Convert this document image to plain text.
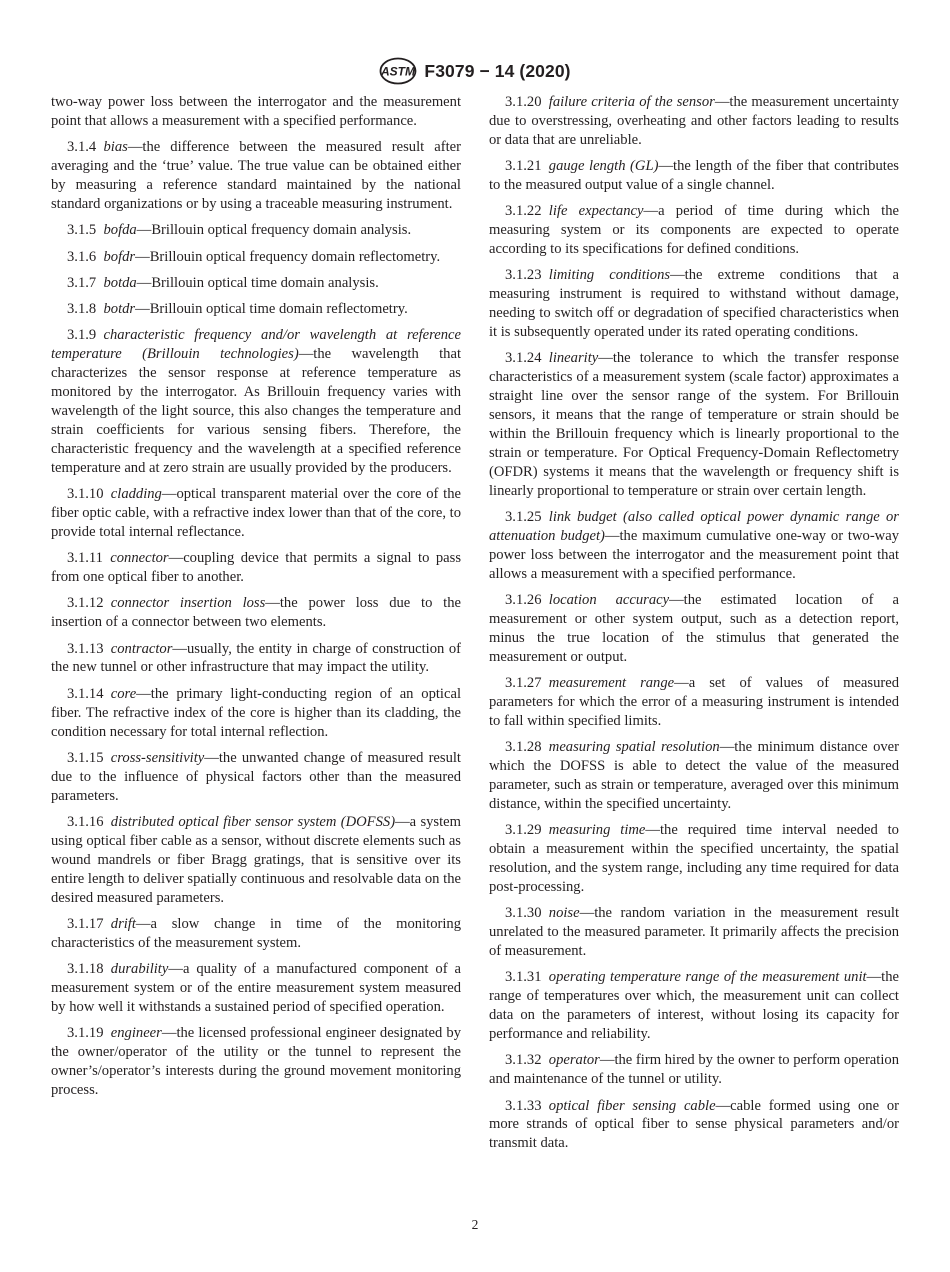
ASTM F3079 − 14 (2020)

two-way power loss between the interrogator and the measurement point that allows a measurement with a specified performance.

3.1.4  bias—the difference between the measured result after averaging and the ‘true’ value. The true value can be obtained either by measuring a reference standard maintained by the national standard organizations or by using a traceable measuring instrument.

3.1.5  bofda—Brillouin optical frequency domain analysis.

3.1.6  bofdr—Brillouin optical frequency domain reflectometry.

3.1.7  botda—Brillouin optical time domain analysis.

3.1.8  botdr—Brillouin optical time domain reflectometry.

3.1.9  characteristic frequency and/or wavelength at reference temperature (Brillouin technologies)—the wavelength that characterizes the sensor response at reference temperature as monitored by the interrogator. As Brillouin frequency varies with wavelength of the light source, this also changes the temperature and strain coefficients for various sensing fibers. Therefore, the characteristic frequency and the wavelength at a specified reference temperature and at zero strain are usually provided by the producers.

3.1.10  cladding—optical transparent material over the core of the fiber optic cable, with a refractive index lower than that of the core, to provide total internal reflectance.

3.1.11  connector—coupling device that permits a signal to pass from one optical fiber to another.

3.1.12  connector insertion loss—the power loss due to the insertion of a connector between two elements.

3.1.13  contractor—usually, the entity in charge of construction of the new tunnel or other infrastructure that may impact the utility.

3.1.14  core—the primary light-conducting region of an optical fiber. The refractive index of the core is higher than its cladding, the condition necessary for total internal reflection.

3.1.15  cross-sensitivity—the unwanted change of measured result due to the influence of physical factors other than the measured parameters.

3.1.16  distributed optical fiber sensor system (DOFSS)—a system using optical fiber cable as a sensor, without discrete elements such as wound mandrels or fiber Bragg gratings, that is sensitive over its entire length to deliver spatially continuous and resolvable data on the desired measured parameters.

3.1.17  drift—a slow change in time of the monitoring characteristics of the measurement system.

3.1.18  durability—a quality of a manufactured component of a measurement system or of the entire measurement system measured by how well it withstands a sustained period of specified operation.

3.1.19  engineer—the licensed professional engineer designated by the owner/operator of the utility or the tunnel to represent the owner’s/operator’s interests during the ground movement monitoring process.

3.1.20  failure criteria of the sensor—the measurement uncertainty due to overstressing, overheating and other factors leading to results or data that are unreliable.

3.1.21  gauge length (GL)—the length of the fiber that contributes to the measured output value of a single channel.

3.1.22  life expectancy—a period of time during which the measuring system or its components are expected to operate according to its specifications for defined conditions.

3.1.23  limiting conditions—the extreme conditions that a measuring instrument is required to withstand without damage, needing to switch off or degradation of specified characteristics when it is subsequently operated under its rated operating conditions.

3.1.24  linearity—the tolerance to which the transfer response characteristics of a measurement system (scale factor) approximates a straight line over the sensor range of the system. For Brillouin sensors, it means that the range of temperature or strain should be within the Brillouin frequency which is linearly proportional to the strain or temperature. For Optical Frequency-Domain Reflectometry (OFDR) systems it means that the wavelength or frequency shift is linearly proportional to temperature or strain over certain length.

3.1.25  link budget (also called optical power dynamic range or attenuation budget)—the maximum cumulative one-way or two-way power loss between the interrogator and the measurement point that allows a measurement with a specified performance.

3.1.26  location accuracy—the estimated location of a measurement or other system output, such as a detection report, minus the true location of the stimulus that generated the measurement or output.

3.1.27  measurement range—a set of values of measured parameters for which the error of a measuring instrument is intended to fall within specified limits.

3.1.28  measuring spatial resolution—the minimum distance over which the DOFSS is able to detect the value of the measured parameter, such as strain or temperature, averaged over this minimum distance, within the specified uncertainty.

3.1.29  measuring time—the required time interval needed to obtain a measurement within the specified uncertainty, the spatial resolution, and the system range, including any time required for data post-processing.

3.1.30  noise—the random variation in the measurement result unrelated to the measured parameter. It primarily affects the precision of measurement.

3.1.31  operating temperature range of the measurement unit—the range of temperatures over which, the measurement unit can collect data on the parameters of interest, without losing its capacity for performance and reliability.

3.1.32  operator—the firm hired by the owner to perform operation and maintenance of the tunnel or utility.

3.1.33  optical fiber sensing cable—cable formed using one or more strands of optical fiber to sense physical parameters and/or transmit data.

2
